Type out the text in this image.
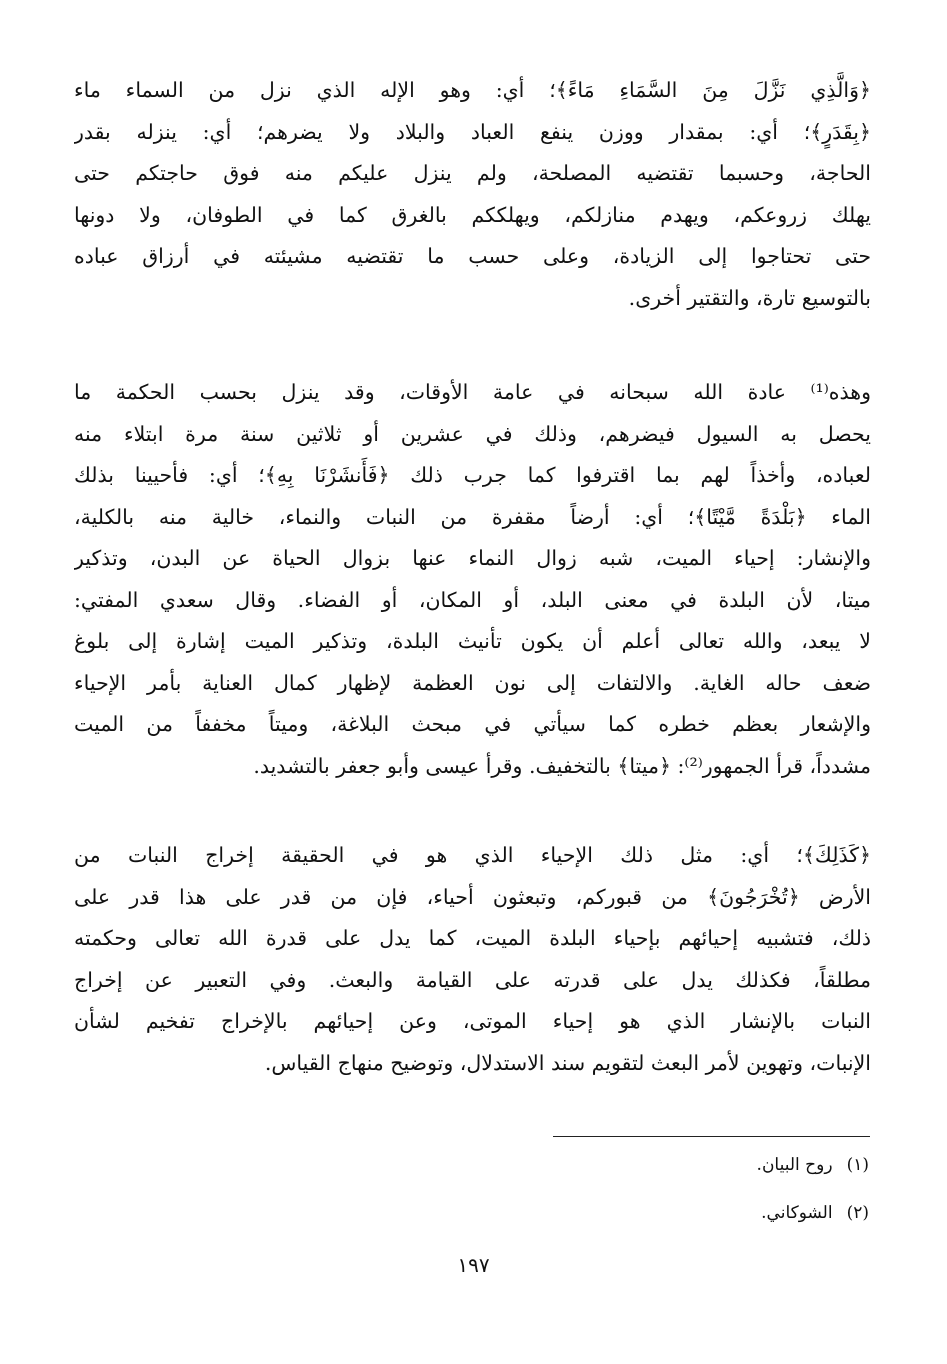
﴿وَالَّذِي نَزَّلَ مِنَ السَّمَاءِ مَاءً﴾؛ أي: وهو الإله الذي نزل من السماء ماء
﴿بِقَدَرٍ﴾؛ أي: بمقدار ووزن ينفع العباد والبلاد ولا يضرهم؛ أي: ينزله بقدر
الحاجة، وحسبما تقتضيه المصلحة، ولم ينزل عليكم منه فوق حاجتكم حتى
يهلك زروعكم، ويهدم منازلكم، ويهلككم بالغرق كما في الطوفان، ولا دونها
حتى تحتاجوا إلى الزيادة، وعلى حسب ما تقتضيه مشيئته في أرزاق عباده
بالتوسيع تارة، والتقتير أخرى.
وهذه⁽¹⁾ عادة الله سبحانه في عامة الأوقات، وقد ينزل بحسب الحكمة ما
يحصل به السيول فيضرهم، وذلك في عشرين أو ثلاثين سنة مرة ابتلاء منه
لعباده، وأخذاً لهم بما اقترفوا كما جرب ذلك ﴿فَأَنشَرْنَا بِهِ﴾؛ أي: فأحيينا بذلك
الماء ﴿بَلْدَةً مَّيْتًا﴾؛ أي: أرضاً مقفرة من النبات والنماء، خالية منه بالكلية،
والإنشار: إحياء الميت، شبه زوال النماء عنها بزوال الحياة عن البدن، وتذكير
ميتا، لأن البلدة في معنى البلد، أو المكان، أو الفضاء. وقال سعدي المفتي:
لا يبعد، والله تعالى أعلم أن يكون تأنيث البلدة، وتذكير الميت إشارة إلى بلوغ
ضعف حاله الغاية. والالتفات إلى نون العظمة لإظهار كمال العناية بأمر الإحياء
والإشعار بعظم خطره كما سيأتي في مبحث البلاغة، وميتاً مخففاً من الميت
مشدداً، قرأ الجمهور⁽²⁾: ﴿ميتا﴾ بالتخفيف. وقرأ عيسى وأبو جعفر بالتشديد.
﴿كَذَلِكَ﴾؛ أي: مثل ذلك الإحياء الذي هو في الحقيقة إخراج النبات من
الأرض ﴿تُخْرَجُونَ﴾ من قبوركم، وتبعثون أحياء، فإن من قدر على هذا قدر على
ذلك، فتشبيه إحيائهم بإحياء البلدة الميت، كما يدل على قدرة الله تعالى وحكمته
مطلقاً، فكذلك يدل على قدرته على القيامة والبعث. وفي التعبير عن إخراج
النبات بالإنشار الذي هو إحياء الموتى، وعن إحيائهم بالإخراج تفخيم لشأن
الإنبات، وتهوين لأمر البعث لتقويم سند الاستدلال، وتوضيح منهاج القياس.
(١)روح البيان.
(٢)الشوكاني.
١٩٧
